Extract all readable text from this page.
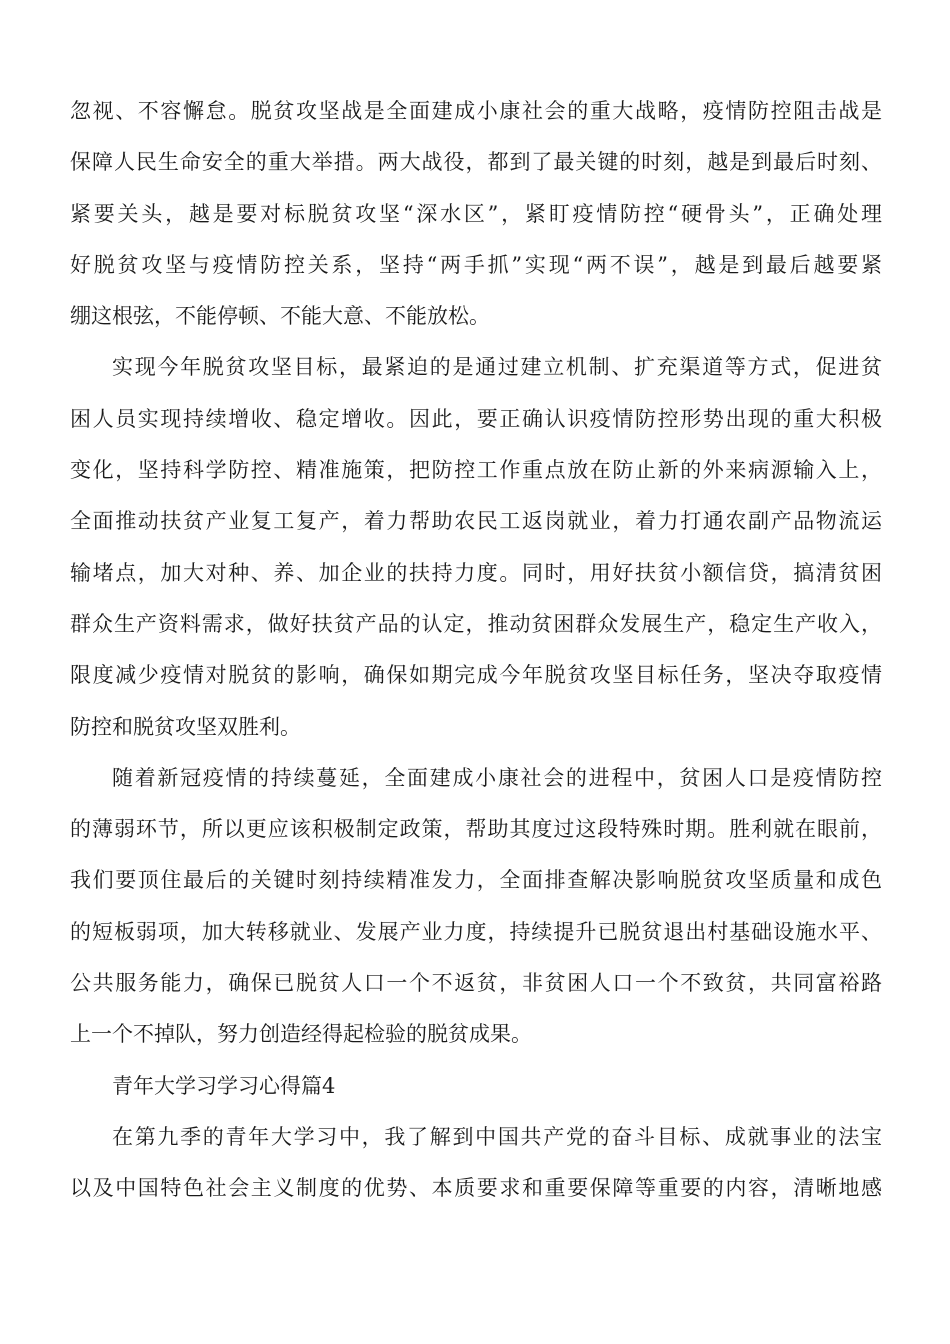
忽视、不容懈怠。脱贫攻坚战是全面建成小康社会的重大战略，疫情防控阻击战是
保障人民生命安全的重大举措。两大战役，都到了最关键的时刻，越是到最后时刻、
紧要关头，越是要对标脱贫攻坚“深水区”，紧盯疫情防控“硬骨头”，正确处理
好脱贫攻坚与疫情防控关系，坚持“两手抓”实现“两不误”，越是到最后越要紧
绷这根弦，不能停顿、不能大意、不能放松。
实现今年脱贫攻坚目标，最紧迫的是通过建立机制、扩充渠道等方式，促进贫
困人员实现持续增收、稳定增收。因此，要正确认识疫情防控形势出现的重大积极
变化，坚持科学防控、精准施策，把防控工作重点放在防止新的外来病源输入上，
全面推动扶贫产业复工复产，着力帮助农民工返岗就业，着力打通农副产品物流运
输堵点，加大对种、养、加企业的扶持力度。同时，用好扶贫小额信贷，搞清贫困
群众生产资料需求，做好扶贫产品的认定，推动贫困群众发展生产，稳定生产收入，
限度减少疫情对脱贫的影响，确保如期完成今年脱贫攻坚目标任务，坚决夺取疫情
防控和脱贫攻坚双胜利。
随着新冠疫情的持续蔓延，全面建成小康社会的进程中，贫困人口是疫情防控
的薄弱环节，所以更应该积极制定政策，帮助其度过这段特殊时期。胜利就在眼前，
我们要顶住最后的关键时刻持续精准发力，全面排查解决影响脱贫攻坚质量和成色
的短板弱项，加大转移就业、发展产业力度，持续提升已脱贫退出村基础设施水平、
公共服务能力，确保已脱贫人口一个不返贫，非贫困人口一个不致贫，共同富裕路
上一个不掉队，努力创造经得起检验的脱贫成果。
青年大学习学习心得篇4
在第九季的青年大学习中，我了解到中国共产党的奋斗目标、成就事业的法宝
以及中国特色社会主义制度的优势、本质要求和重要保障等重要的内容，清晰地感
